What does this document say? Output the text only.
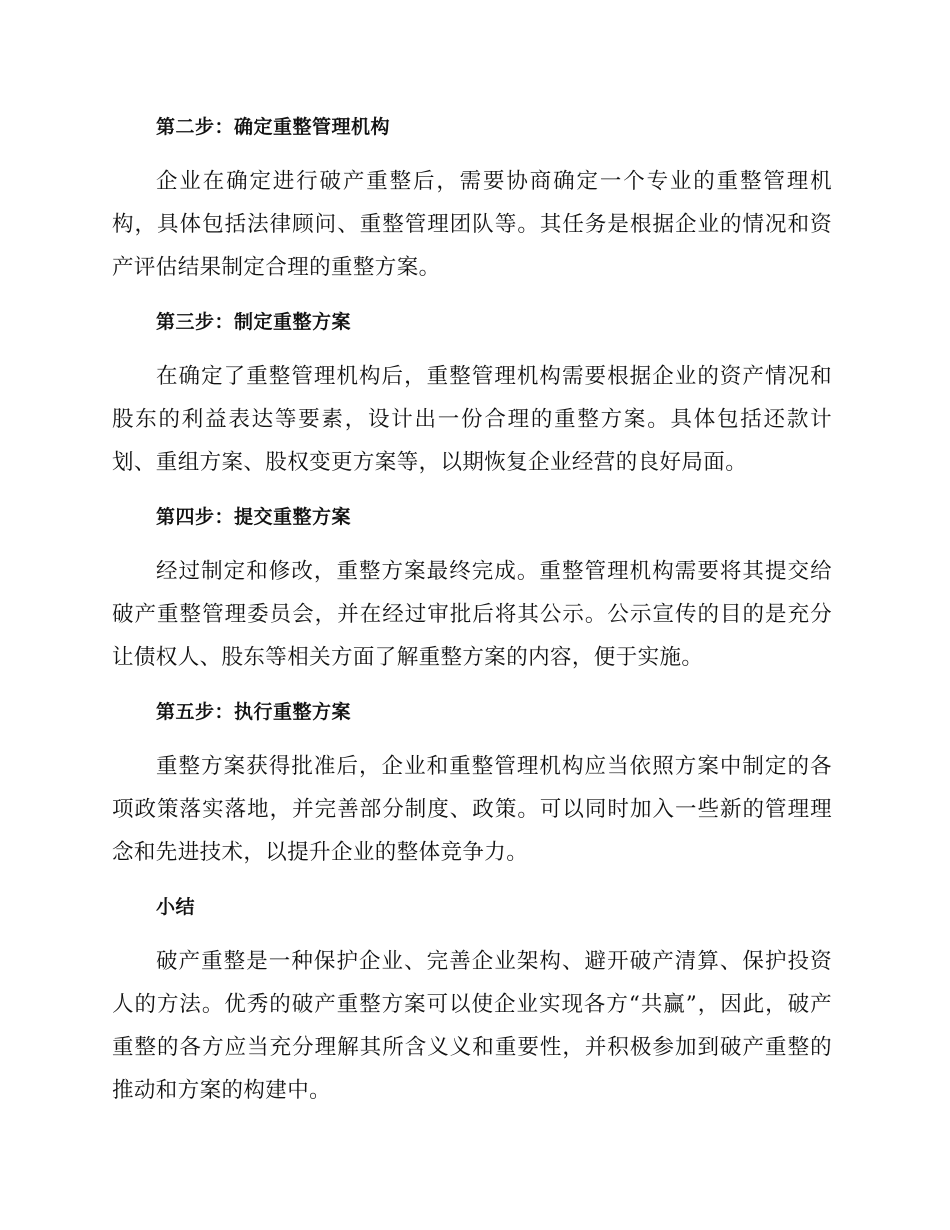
第二步：确定重整管理机构

企业在确定进行破产重整后，需要协商确定一个专业的重整管理机构，具体包括法律顾问、重整管理团队等。其任务是根据企业的情况和资产评估结果制定合理的重整方案。

第三步：制定重整方案

在确定了重整管理机构后，重整管理机构需要根据企业的资产情况和股东的利益表达等要素，设计出一份合理的重整方案。具体包括还款计划、重组方案、股权变更方案等，以期恢复企业经营的良好局面。

第四步：提交重整方案

经过制定和修改，重整方案最终完成。重整管理机构需要将其提交给破产重整管理委员会，并在经过审批后将其公示。公示宣传的目的是充分让债权人、股东等相关方面了解重整方案的内容，便于实施。

第五步：执行重整方案

重整方案获得批准后，企业和重整管理机构应当依照方案中制定的各项政策落实落地，并完善部分制度、政策。可以同时加入一些新的管理理念和先进技术，以提升企业的整体竞争力。

小结

破产重整是一种保护企业、完善企业架构、避开破产清算、保护投资人的方法。优秀的破产重整方案可以使企业实现各方“共赢”，因此，破产重整的各方应当充分理解其所含义义和重要性，并积极参加到破产重整的推动和方案的构建中。
